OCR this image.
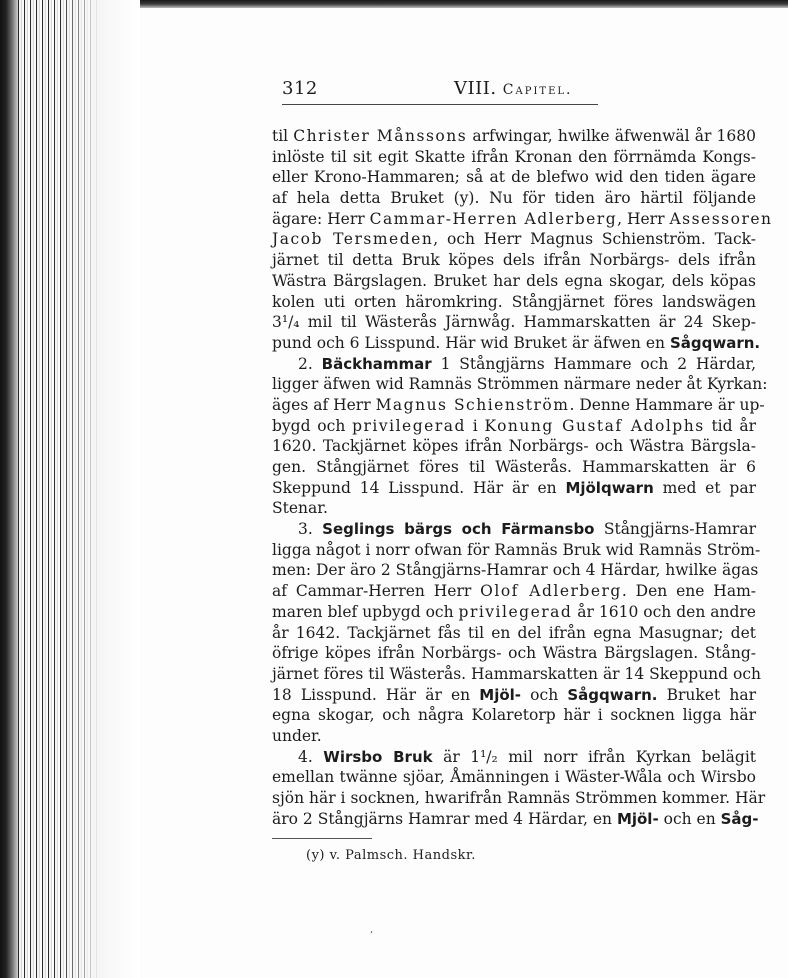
312	VIII. Capitel.
til Christer Månssons arfwingar, hwilke äfwenwäl år 1680
inlöste til sit egit Skatte ifrån Kronan den förrnämda Kongs-
eller Krono-Hammaren; så at de blefwo wid den tiden ägare
af hela detta Bruket (y). Nu för tiden äro härtil följande
ägare: Herr Cammar-Herren Adlerberg, Herr Assessoren
Jacob Tersmeden, och Herr Magnus Schienström. Tack-
järnet til detta Bruk köpes dels ifrån Norbärgs- dels ifrån
Wästra Bärgslagen. Bruket har dels egna skogar, dels köpas
kolen uti orten häromkring. Stångjärnet föres landswägen
3¹/₄ mil til Wästerås Järnwåg. Hammarskatten är 24 Skep-
pund och 6 Lisspund. Här wid Bruket är äfwen en Sågqwarn.
2. Bäckhammar 1 Stångjärns Hammare och 2 Härdar,
ligger äfwen wid Ramnäs Strömmen närmare neder åt Kyrkan:
äges af Herr Magnus Schienström. Denne Hammare är up-
bygd och privilegerad i Konung Gustaf Adolphs tid år
1620. Tackjärnet köpes ifrån Norbärgs- och Wästra Bärgsla-
gen. Stångjärnet föres til Wästerås. Hammarskatten är 6
Skeppund 14 Lisspund. Här är en Mjölqwarn med et par
Stenar.
3. Seglings bärgs och Färmansbo Stångjärns-Hamrar
ligga något i norr ofwan för Ramnäs Bruk wid Ramnäs Ström-
men: Der äro 2 Stångjärns-Hamrar och 4 Härdar, hwilke ägas
af Cammar-Herren Herr Olof Adlerberg. Den ene Ham-
maren blef upbygd och privilegerad år 1610 och den andre
år 1642. Tackjärnet fås til en del ifrån egna Masugnar; det
öfrige köpes ifrån Norbärgs- och Wästra Bärgslagen. Stång-
järnet föres til Wästerås. Hammarskatten är 14 Skeppund och
18 Lisspund. Här är en Mjöl- och Sågqwarn. Bruket har
egna skogar, och några Kolaretorp här i socknen ligga här
under.
4. Wirsbo Bruk är 1¹/₂ mil norr ifrån Kyrkan belägit
emellan twänne sjöar, Åmänningen i Wäster-Wåla och Wirsbo
sjön här i socknen, hwarifrån Ramnäs Strömmen kommer. Här
äro 2 Stångjärns Hamrar med 4 Härdar, en Mjöl- och en Såg-
(y) v. Palmsch. Handskr.
,
